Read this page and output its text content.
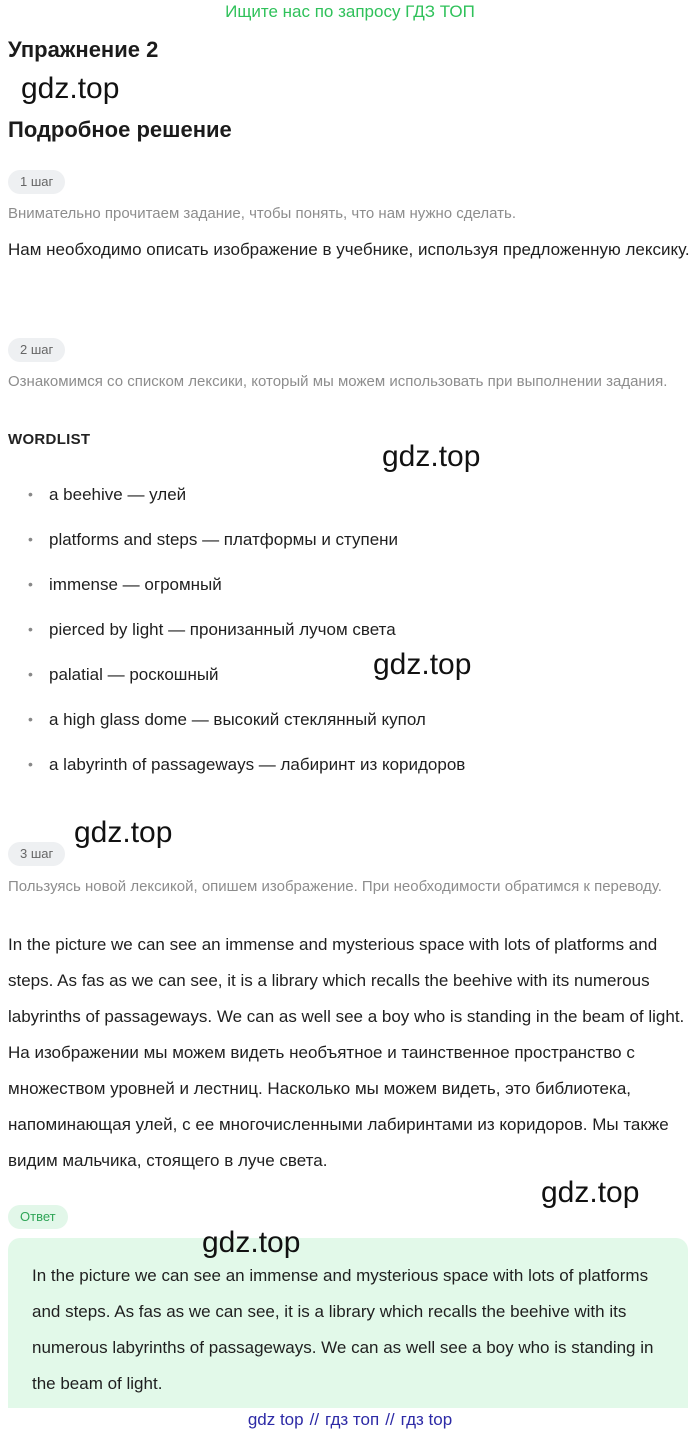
Ищите нас по запросу ГДЗ ТОП
Упражнение 2
gdz.top
Подробное решение
1 шаг
Внимательно прочитаем задание, чтобы понять, что нам нужно сделать.
Нам необходимо описать изображение в учебнике, используя предложенную лексику.
2 шаг
Ознакомимся со списком лексики, который мы можем использовать при выполнении задания.
WORDLIST
gdz.top
• a beehive — улей
• platforms and steps — платформы и ступени
• immense — огромный
• pierced by light — пронизанный лучом света
• palatial — роскошный
• a high glass dome — высокий стеклянный купол
• a labyrinth of passageways — лабиринт из коридоров
gdz.top
gdz.top
3 шаг
Пользуясь новой лексикой, опишем изображение. При необходимости обратимся к переводу.
In the picture we can see an immense and mysterious space with lots of platforms and steps. As fas as we can see, it is a library which recalls the beehive with its numerous labyrinths of passageways. We can as well see a boy who is standing in the beam of light. На изображении мы можем видеть необъятное и таинственное пространство с множеством уровней и лестниц. Насколько мы можем видеть, это библиотека, напоминающая улей, с ее многочисленными лабиринтами из коридоров. Мы также видим мальчика, стоящего в луче света.
gdz.top
Ответ
In the picture we can see an immense and mysterious space with lots of platforms and steps. As fas as we can see, it is a library which recalls the beehive with its numerous labyrinths of passageways. We can as well see a boy who is standing in the beam of light.
gdz.top
gdz top // гдз топ // гдз top
